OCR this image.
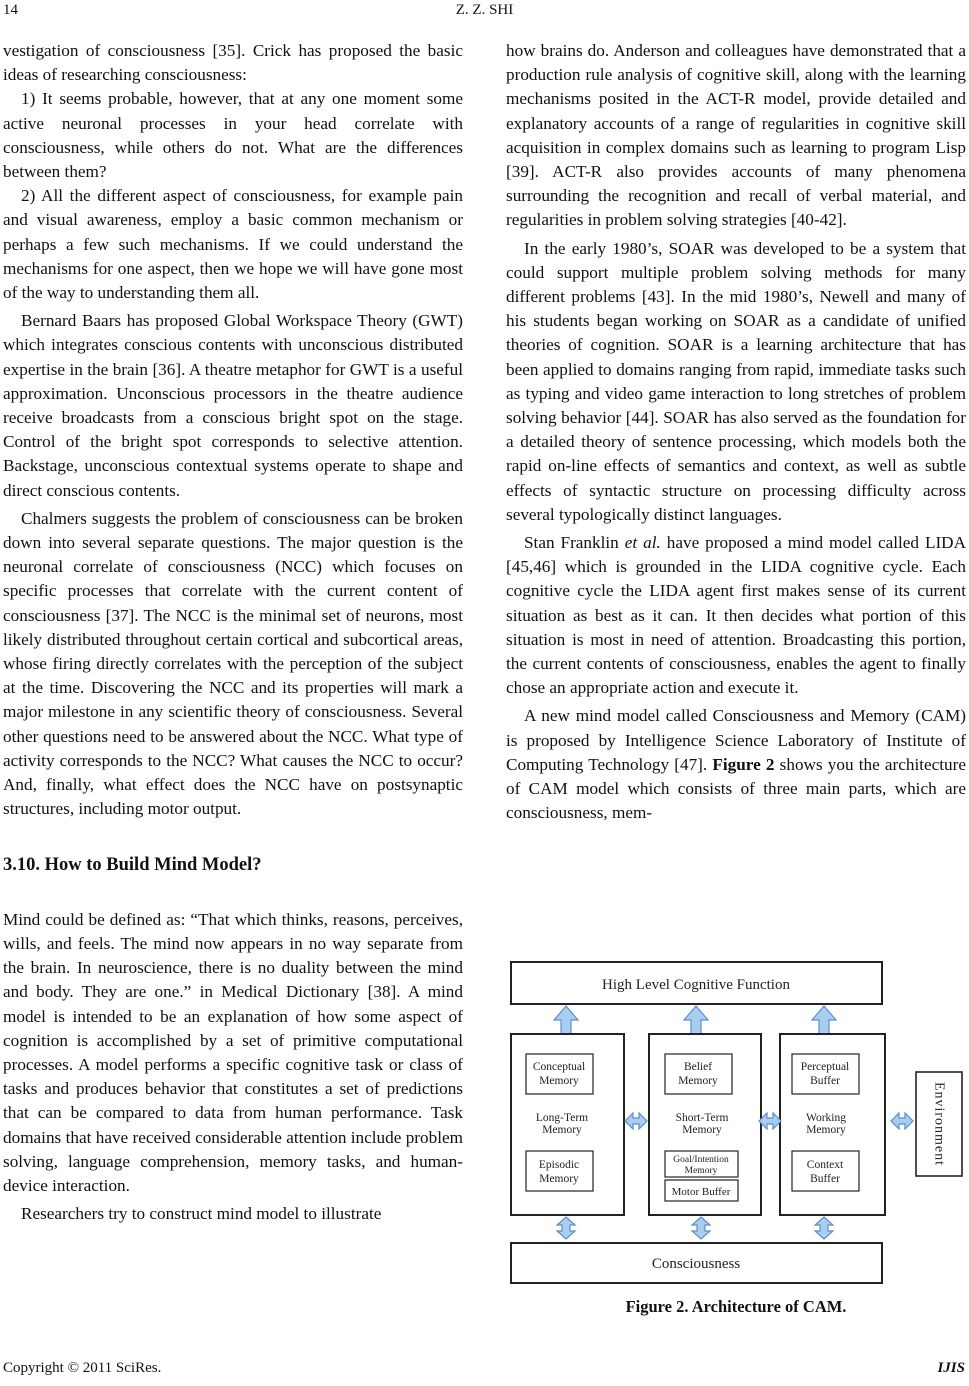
14	Z. Z. SHI

vestigation of consciousness [35]. Crick has proposed the basic ideas of researching consciousness:

1) It seems probable, however, that at any one moment some active neuronal processes in your head correlate with consciousness, while others do not. What are the differences between them?

2) All the different aspect of consciousness, for example pain and visual awareness, employ a basic common mechanism or perhaps a few such mechanisms. If we could understand the mechanisms for one aspect, then we hope we will have gone most of the way to understanding them all.

Bernard Baars has proposed Global Workspace Theory (GWT) which integrates conscious contents with unconscious distributed expertise in the brain [36]. A theatre metaphor for GWT is a useful approximation. Unconscious processors in the theatre audience receive broadcasts from a conscious bright spot on the stage. Control of the bright spot corresponds to selective attention. Backstage, unconscious contextual systems operate to shape and direct conscious contents.

Chalmers suggests the problem of consciousness can be broken down into several separate questions. The major question is the neuronal correlate of consciousness (NCC) which focuses on specific processes that correlate with the current content of consciousness [37]. The NCC is the minimal set of neurons, most likely distributed throughout certain cortical and subcortical areas, whose firing directly correlates with the perception of the subject at the time. Discovering the NCC and its properties will mark a major milestone in any scientific theory of consciousness. Several other questions need to be answered about the NCC. What type of activity corresponds to the NCC? What causes the NCC to occur? And, finally, what effect does the NCC have on postsynaptic structures, including motor output.

3.10. How to Build Mind Model?

Mind could be defined as: “That which thinks, reasons, perceives, wills, and feels. The mind now appears in no way separate from the brain. In neuroscience, there is no duality between the mind and body. They are one.” in Medical Dictionary [38]. A mind model is intended to be an explanation of how some aspect of cognition is accomplished by a set of primitive computational processes. A model performs a specific cognitive task or class of tasks and produces behavior that constitutes a set of predictions that can be compared to data from human performance. Task domains that have received considerable attention include problem solving, language comprehension, memory tasks, and human-device interaction.

Researchers try to construct mind model to illustrate

how brains do. Anderson and colleagues have demonstrated that a production rule analysis of cognitive skill, along with the learning mechanisms posited in the ACT-R model, provide detailed and explanatory accounts of a range of regularities in cognitive skill acquisition in complex domains such as learning to program Lisp [39]. ACT-R also provides accounts of many phenomena surrounding the recognition and recall of verbal material, and regularities in problem solving strategies [40-42].

In the early 1980’s, SOAR was developed to be a system that could support multiple problem solving methods for many different problems [43]. In the mid 1980’s, Newell and many of his students began working on SOAR as a candidate of unified theories of cognition. SOAR is a learning architecture that has been applied to domains ranging from rapid, immediate tasks such as typing and video game interaction to long stretches of problem solving behavior [44]. SOAR has also served as the foundation for a detailed theory of sentence processing, which models both the rapid on-line effects of semantics and context, as well as subtle effects of syntactic structure on processing difficulty across several typologically distinct languages.

Stan Franklin et al. have proposed a mind model called LIDA [45,46] which is grounded in the LIDA cognitive cycle. Each cognitive cycle the LIDA agent first makes sense of its current situation as best as it can. It then decides what portion of this situation is most in need of attention. Broadcasting this portion, the current contents of consciousness, enables the agent to finally chose an appropriate action and execute it.

A new mind model called Consciousness and Memory (CAM) is proposed by Intelligence Science Laboratory of Institute of Computing Technology [47]. Figure 2 shows you the architecture of CAM model which consists of three main parts, which are consciousness, mem-

High Level Cognitive Function
Conceptual
Memory
Long-Term
Memory
Episodic
Memory
Belief
Memory
Short-Term
Memory
Goal/Intention
Memory
Motor Buffer
Perceptual
Buffer
Working
Memory
Context
Buffer
Environment
Consciousness
Figure 2. Architecture of CAM.
Copyright © 2011 SciRes.	IJIS
